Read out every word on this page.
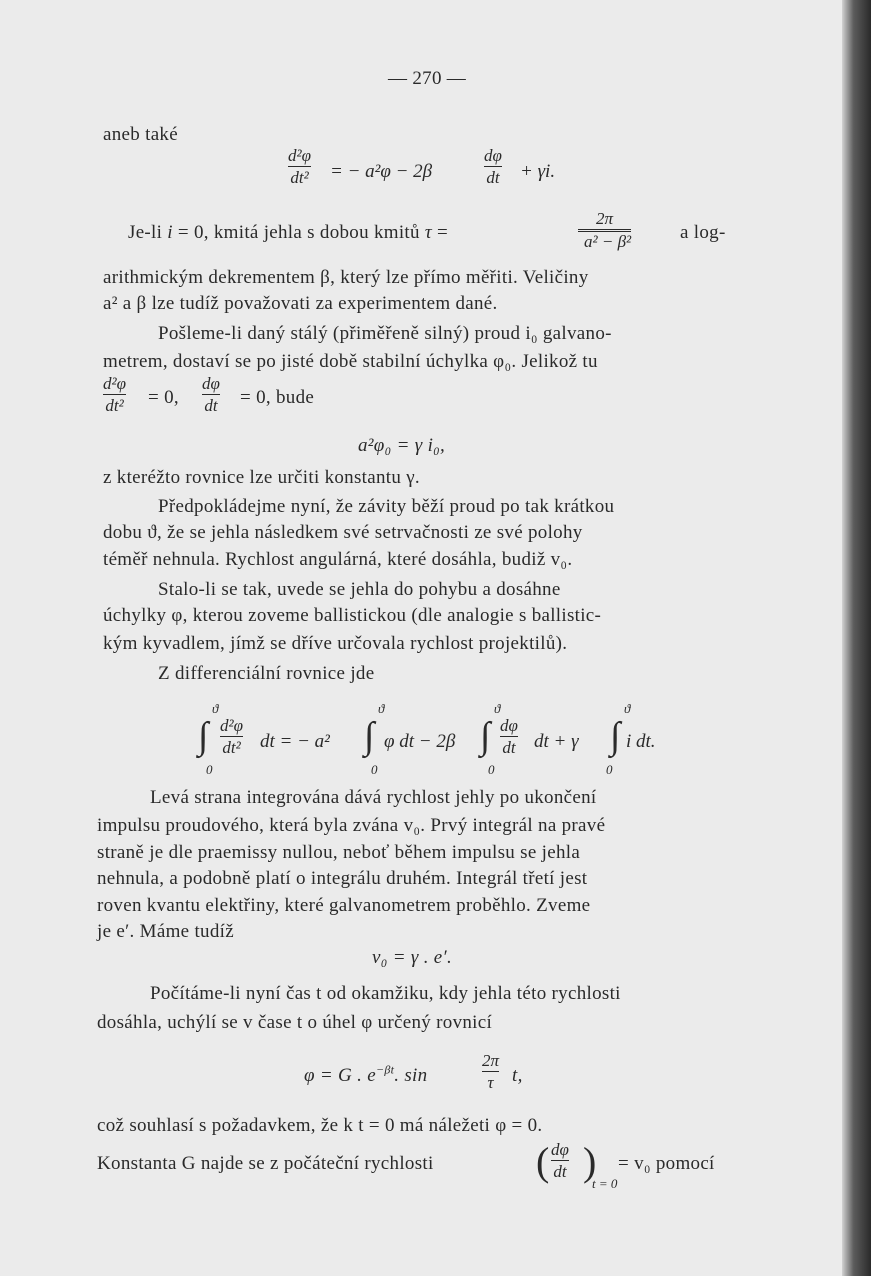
— 270 —
aneb také
d²φ
dt² = − a²φ − 2β
dφ
dt + γi.
Je-li i = 0, kmitá jehla s dobou kmitů τ =	$\frac{2\pi}{\text{a² − β²}}$	a log-
arithmickým dekrementem β, který lze přímo měřiti. Veličiny
a² a β lze tudíž považovati za experimentem dané.
Pošleme-li daný stálý (přiměřeně silný) proud i₀ galvano-
metrem, dostaví se po jisté době stabilní úchylka φ₀. Jelikož tu
d²φ
dt² = 0,
dφ
dt = 0, bude
a²φ₀ = γ i₀,
z kteréžto rovnice lze určiti konstantu γ.
Předpokládejme nyní, že závity běží proud po tak krátkou
dobu ϑ, že se jehla následkem své setrvačnosti ze své polohy
téměř nehnula. Rychlost angulárná, které dosáhla, budiž v₀.
Stalo-li se tak, uvede se jehla do pohybu a dosáhne
úchylky φ, kterou zoveme ballistickou (dle analogie s ballistic-
kým kyvadlem, jímž se dříve určovala rychlost projektilů).
Z differenciální rovnice jde
ϑ
∫
0
d²φ
dt² dt = − a²
ϑ
∫
0
φ dt − 2β
ϑ
∫
0
dφ
dt dt + γ
ϑ
∫
0
i dt.
Levá strana integrována dává rychlost jehly po ukončení
impulsu proudového, která byla zvána v₀. Prvý integrál na pravé
straně je dle praemissy nullou, neboť během impulsu se jehla
nehnula, a podobně platí o integrálu druhém. Integrál třetí jest
roven kvantu elektřiny, které galvanometrem proběhlo. Zveme
je e′. Máme tudíž
v₀ = γ . e′.
Počítáme-li nyní čas t od okamžiku, kdy jehla této rychlosti
dosáhla, uchýlí se v čase t o úhel φ určený rovnicí
φ = G . $e^{-\beta t}$. sin
2π
τ t,
což souhlasí s požadavkem, že k t = 0 má náležeti φ = 0.
Konstanta G najde se z počáteční rychlosti	( dφ
dt )
t = 0
= v₀ pomocí
